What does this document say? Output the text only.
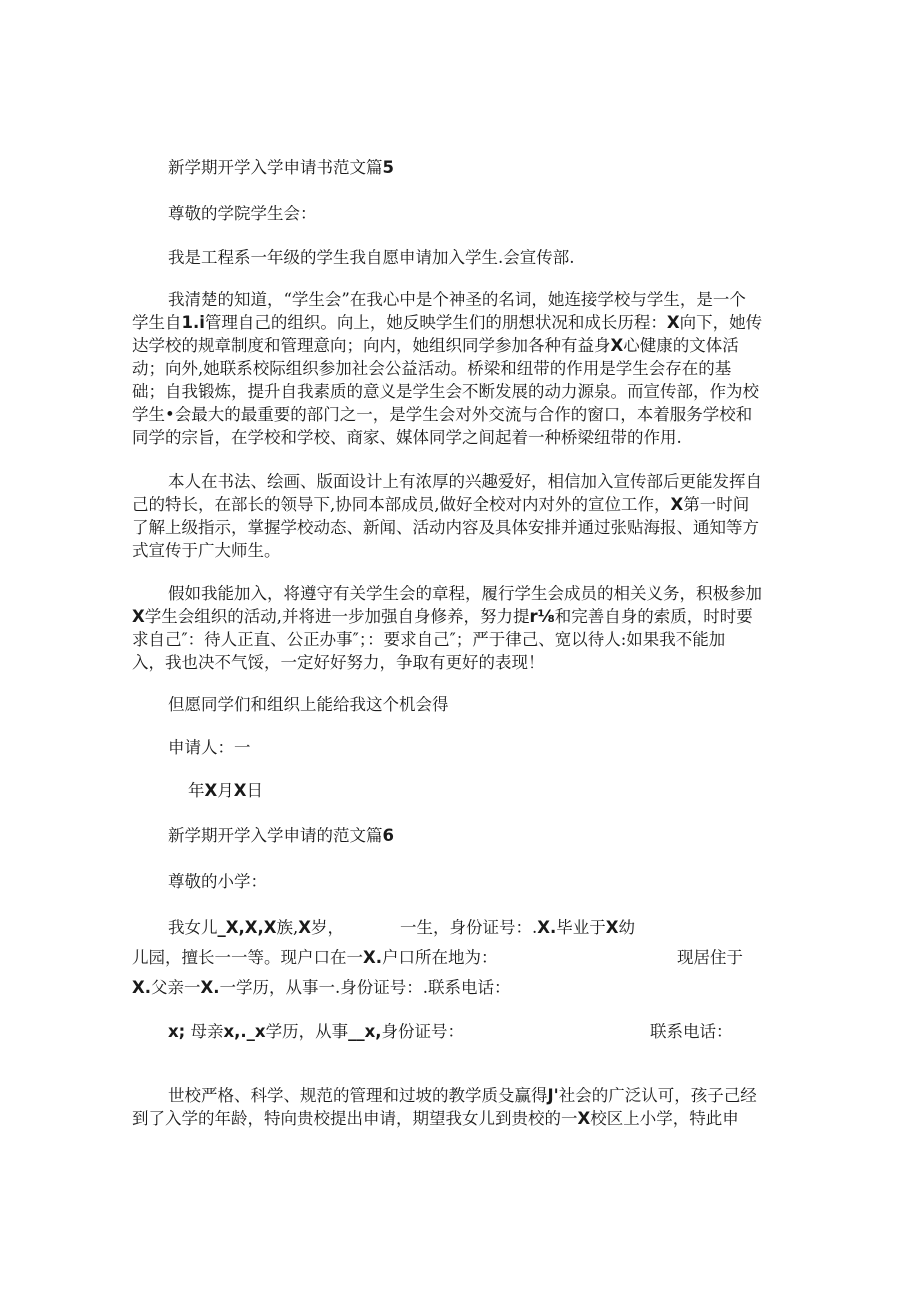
新学期开学入学申请书范文篇5
尊敬的学院学生会：
我是工程系一年级的学生我自愿申请加入学生.会宣传部.
我清楚的知道，“学生会”在我心中是个神圣的名词，她连接学校与学生，是一个
学生自1.i管理自己的组织。向上，她反映学生们的朋想状况和成长历程：X向下，她传
达学校的规章制度和管理意向；向内，她组织同学参加各种有益身X心健康的文体活
动；向外,她联系校际组织参加社会公益活动。桥梁和纽带的作用是学生会存在的基
础；自我锻炼，提升自我素质的意义是学生会不断发展的动力源泉。而宣传部，作为校
学生•会最大的最重要的部门之一，是学生会对外交流与合作的窗口，本着服务学校和
同学的宗旨，在学校和学校、商家、媒体同学之间起着一种桥梁纽带的作用.
本人在书法、绘画、版面设计上有浓厚的兴趣爱好，相信加入宣传部后更能发挥自
己的特长，在部长的领导下,协同本部成员,做好全校对内对外的宣位工作，X第一时间
了解上级指示，掌握学校动态、新闻、活动内容及具体安排并通过张贴海报、通知等方
式宣传于广大师生。
假如我能加入，将遵守有关学生会的章程，履行学生会成员的相关义务，积极参加
X学生会组织的活动,并将进一步加强自身修养，努力提r⅛和完善自身的索质，时时要
求自己″：待人正直、公正办事″；：要求自己″；严于律己、宽以待人:如果我不能加
入，我也决不气馁，一定好好努力，争取有更好的表现！
但愿同学们和组织上能给我这个机会得
申请人：一
年X月X日
新学期开学入学申请的范文篇6
尊敬的小学：
我女儿_X,X,X族,X岁，	一生，身份证号：.X.毕业于X幼
儿园，擅长一一等。现户口在一X.户口所在地为：	现居住于
X.父亲一X.一学历，从事一.身份证号：.联系电话：
x; 母亲x,._x学历，从事__x,身份证号：	联系电话：
世校严格、科学、规范的管理和过坡的教学质殳赢得J'社会的广泛认可，孩子己经
到了入学的年龄，特向贵校提出申请，期望我女儿到贵校的一X校区上小学，特此申
